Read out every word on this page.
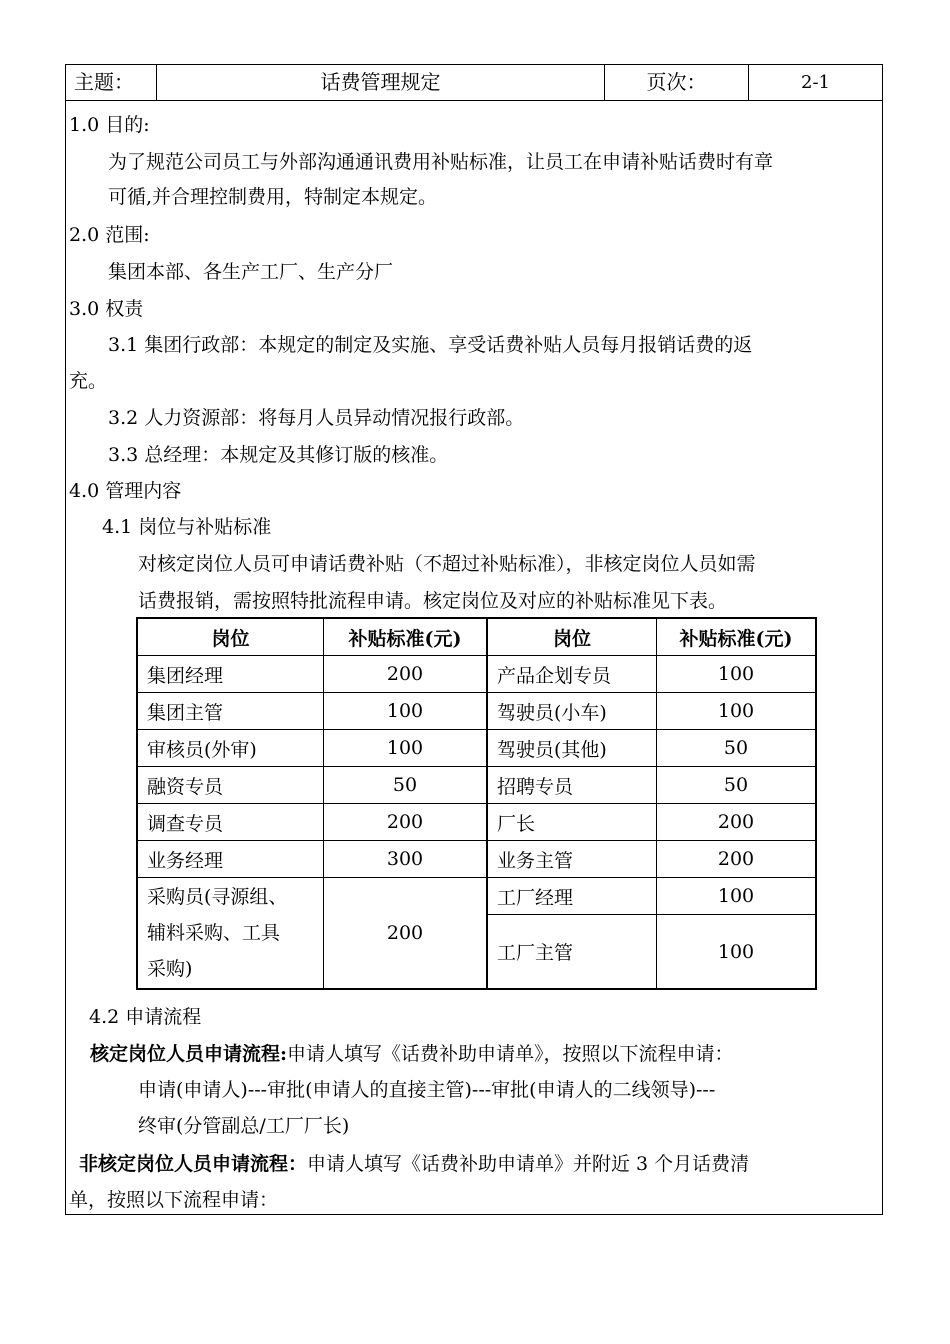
主题：	话费管理规定	页次：	2-1
1.0 目的:
为了规范公司员工与外部沟通通讯费用补贴标准，让员工在申请补贴话费时有章
可循,并合理控制费用，特制定本规定。
2.0 范围:
集团本部、各生产工厂、生产分厂
3.0 权责
3.1 集团行政部：本规定的制定及实施、享受话费补贴人员每月报销话费的返
充。
3.2 人力资源部：将每月人员异动情况报行政部。
3.3 总经理：本规定及其修订版的核准。
4.0 管理内容
4.1 岗位与补贴标准
对核定岗位人员可申请话费补贴（不超过补贴标准），非核定岗位人员如需
话费报销，需按照特批流程申请。核定岗位及对应的补贴标准见下表。
岗位	补贴标准(元)	岗位	补贴标准(元)
集团经理	200	产品企划专员	100
集团主管	100	驾驶员(小车)	100
审核员(外审)	100	驾驶员(其他)	50
融资专员	50	招聘专员	50
调查专员	200	厂长	200
业务经理	300	业务主管	200

采购员(寻源组、
辅料采购、工具
采购)	200	工厂经理	100
		工厂主管	100
4.2 申请流程
核定岗位人员申请流程:申请人填写《话费补助申请单》，按照以下流程申请：
申请(申请人)---审批(申请人的直接主管)---审批(申请人的二线领导)---
终审(分管副总/工厂厂长)
非核定岗位人员申请流程：申请人填写《话费补助申请单》并附近 3 个月话费清
单，按照以下流程申请：
